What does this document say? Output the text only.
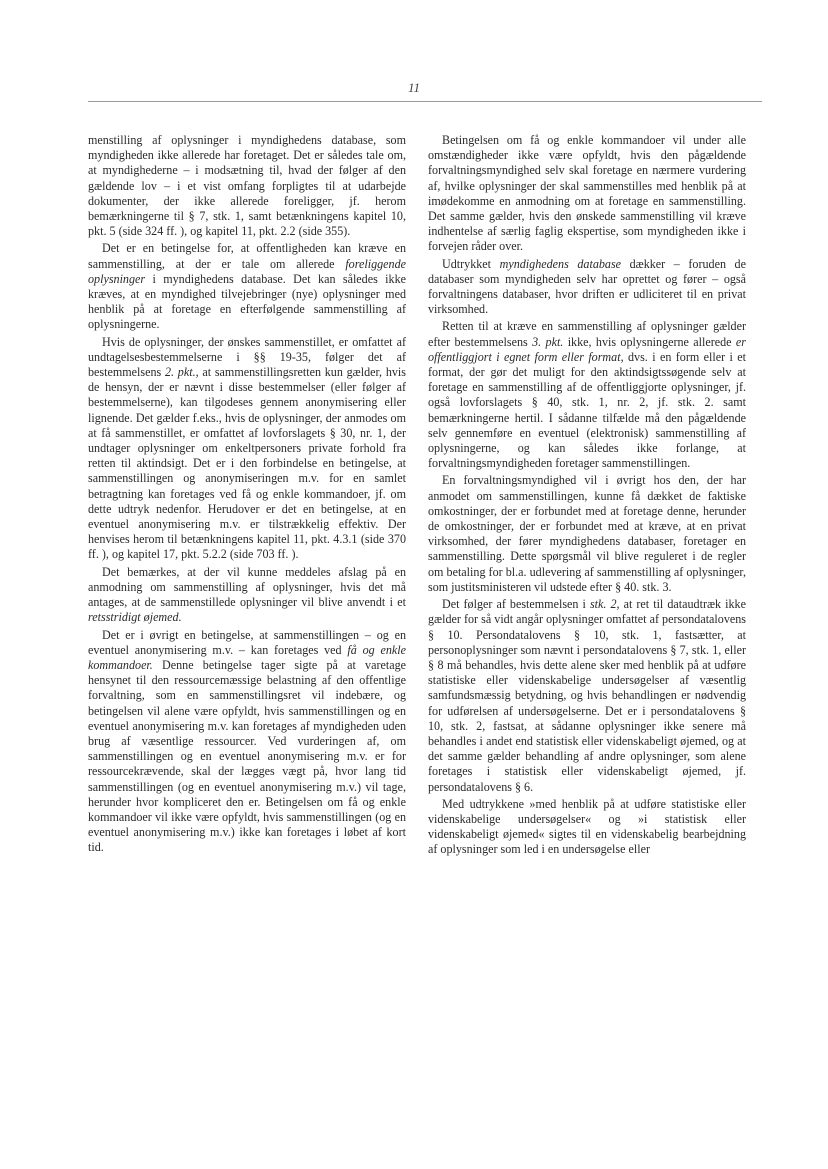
11

menstilling af oplysninger i myndighedens database, som myndigheden ikke allerede har foretaget. Det er således tale om, at myndighederne – i modsætning til, hvad der følger af den gældende lov – i et vist omfang forpligtes til at udarbejde dokumenter, der ikke allerede foreligger, jf. herom bemærkningerne til § 7, stk. 1, samt betænkningens kapitel 10, pkt. 5 (side 324 ff. ), og kapitel 11, pkt. 2.2 (side 355).

Det er en betingelse for, at offentligheden kan kræve en sammenstilling, at der er tale om allerede foreliggende oplysninger i myndighedens database. Det kan således ikke kræves, at en myndighed tilvejebringer (nye) oplysninger med henblik på at foretage en efterfølgende sammenstilling af oplysningerne.

Hvis de oplysninger, der ønskes sammenstillet, er omfattet af undtagelsesbestemmelserne i §§ 19-35, følger det af bestemmelsens 2. pkt., at sammenstillingsretten kun gælder, hvis de hensyn, der er nævnt i disse bestemmelser (eller følger af bestemmelserne), kan tilgodeses gennem anonymisering eller lignende. Det gælder f.eks., hvis de oplysninger, der anmodes om at få sammenstillet, er omfattet af lovforslagets § 30, nr. 1, der undtager oplysninger om enkeltpersoners private forhold fra retten til aktindsigt. Det er i den forbindelse en betingelse, at sammenstillingen og anonymiseringen m.v. for en samlet betragtning kan foretages ved få og enkle kommandoer, jf. om dette udtryk nedenfor. Herudover er det en betingelse, at en eventuel anonymisering m.v. er tilstrækkelig effektiv. Der henvises herom til betænkningens kapitel 11, pkt. 4.3.1 (side 370 ff. ), og kapitel 17, pkt. 5.2.2 (side 703 ff. ).

Det bemærkes, at der vil kunne meddeles afslag på en anmodning om sammenstilling af oplysninger, hvis det må antages, at de sammenstillede oplysninger vil blive anvendt i et retsstridigt øjemed.

Det er i øvrigt en betingelse, at sammenstillingen – og en eventuel anonymisering m.v. – kan foretages ved få og enkle kommandoer. Denne betingelse tager sigte på at varetage hensynet til den ressourcemæssige belastning af den offentlige forvaltning, som en sammenstillingsret vil indebære, og betingelsen vil alene være opfyldt, hvis sammenstillingen og en eventuel anonymisering m.v. kan foretages af myndigheden uden brug af væsentlige ressourcer. Ved vurderingen af, om sammenstillingen og en eventuel anonymisering m.v. er for ressourcekrævende, skal der lægges vægt på, hvor lang tid sammenstillingen (og en eventuel anonymisering m.v.) vil tage, herunder hvor kompliceret den er. Betingelsen om få og enkle kommandoer vil ikke være opfyldt, hvis sammenstillingen (og en eventuel anonymisering m.v.) ikke kan foretages i løbet af kort tid.

Betingelsen om få og enkle kommandoer vil under alle omstændigheder ikke være opfyldt, hvis den pågældende forvaltningsmyndighed selv skal foretage en nærmere vurdering af, hvilke oplysninger der skal sammenstilles med henblik på at imødekomme en anmodning om at foretage en sammenstilling. Det samme gælder, hvis den ønskede sammenstilling vil kræve indhentelse af særlig faglig ekspertise, som myndigheden ikke i forvejen råder over.

Udtrykket myndighedens database dækker – foruden de databaser som myndigheden selv har oprettet og fører – også forvaltningens databaser, hvor driften er udliciteret til en privat virksomhed.

Retten til at kræve en sammenstilling af oplysninger gælder efter bestemmelsens 3. pkt. ikke, hvis oplysningerne allerede er offentliggjort i egnet form eller format, dvs. i en form eller i et format, der gør det muligt for den aktindsigtssøgende selv at foretage en sammenstilling af de offentliggjorte oplysninger, jf. også lovforslagets § 40, stk. 1, nr. 2, jf. stk. 2. samt bemærkningerne hertil. I sådanne tilfælde må den pågældende selv gennemføre en eventuel (elektronisk) sammenstilling af oplysningerne, og kan således ikke forlange, at forvaltningsmyndigheden foretager sammenstillingen.

En forvaltningsmyndighed vil i øvrigt hos den, der har anmodet om sammenstillingen, kunne få dækket de faktiske omkostninger, der er forbundet med at foretage denne, herunder de omkostninger, der er forbundet med at kræve, at en privat virksomhed, der fører myndighedens databaser, foretager en sammenstilling. Dette spørgsmål vil blive reguleret i de regler om betaling for bl.a. udlevering af sammenstilling af oplysninger, som justitsministeren vil udstede efter § 40. stk. 3.

Det følger af bestemmelsen i stk. 2, at ret til dataudtræk ikke gælder for så vidt angår oplysninger omfattet af persondatalovens § 10. Persondatalovens § 10, stk. 1, fastsætter, at personoplysninger som nævnt i persondatalovens § 7, stk. 1, eller § 8 må behandles, hvis dette alene sker med henblik på at udføre statistiske eller videnskabelige undersøgelser af væsentlig samfundsmæssig betydning, og hvis behandlingen er nødvendig for udførelsen af undersøgelserne. Det er i persondatalovens § 10, stk. 2, fastsat, at sådanne oplysninger ikke senere må behandles i andet end statistisk eller videnskabeligt øjemed, og at det samme gælder behandling af andre oplysninger, som alene foretages i statistisk eller videnskabeligt øjemed, jf. persondatalovens § 6.

Med udtrykkene »med henblik på at udføre statistiske eller videnskabelige undersøgelser« og »i statistisk eller videnskabeligt øjemed« sigtes til en videnskabelig bearbejdning af oplysninger som led i en undersøgelse eller
